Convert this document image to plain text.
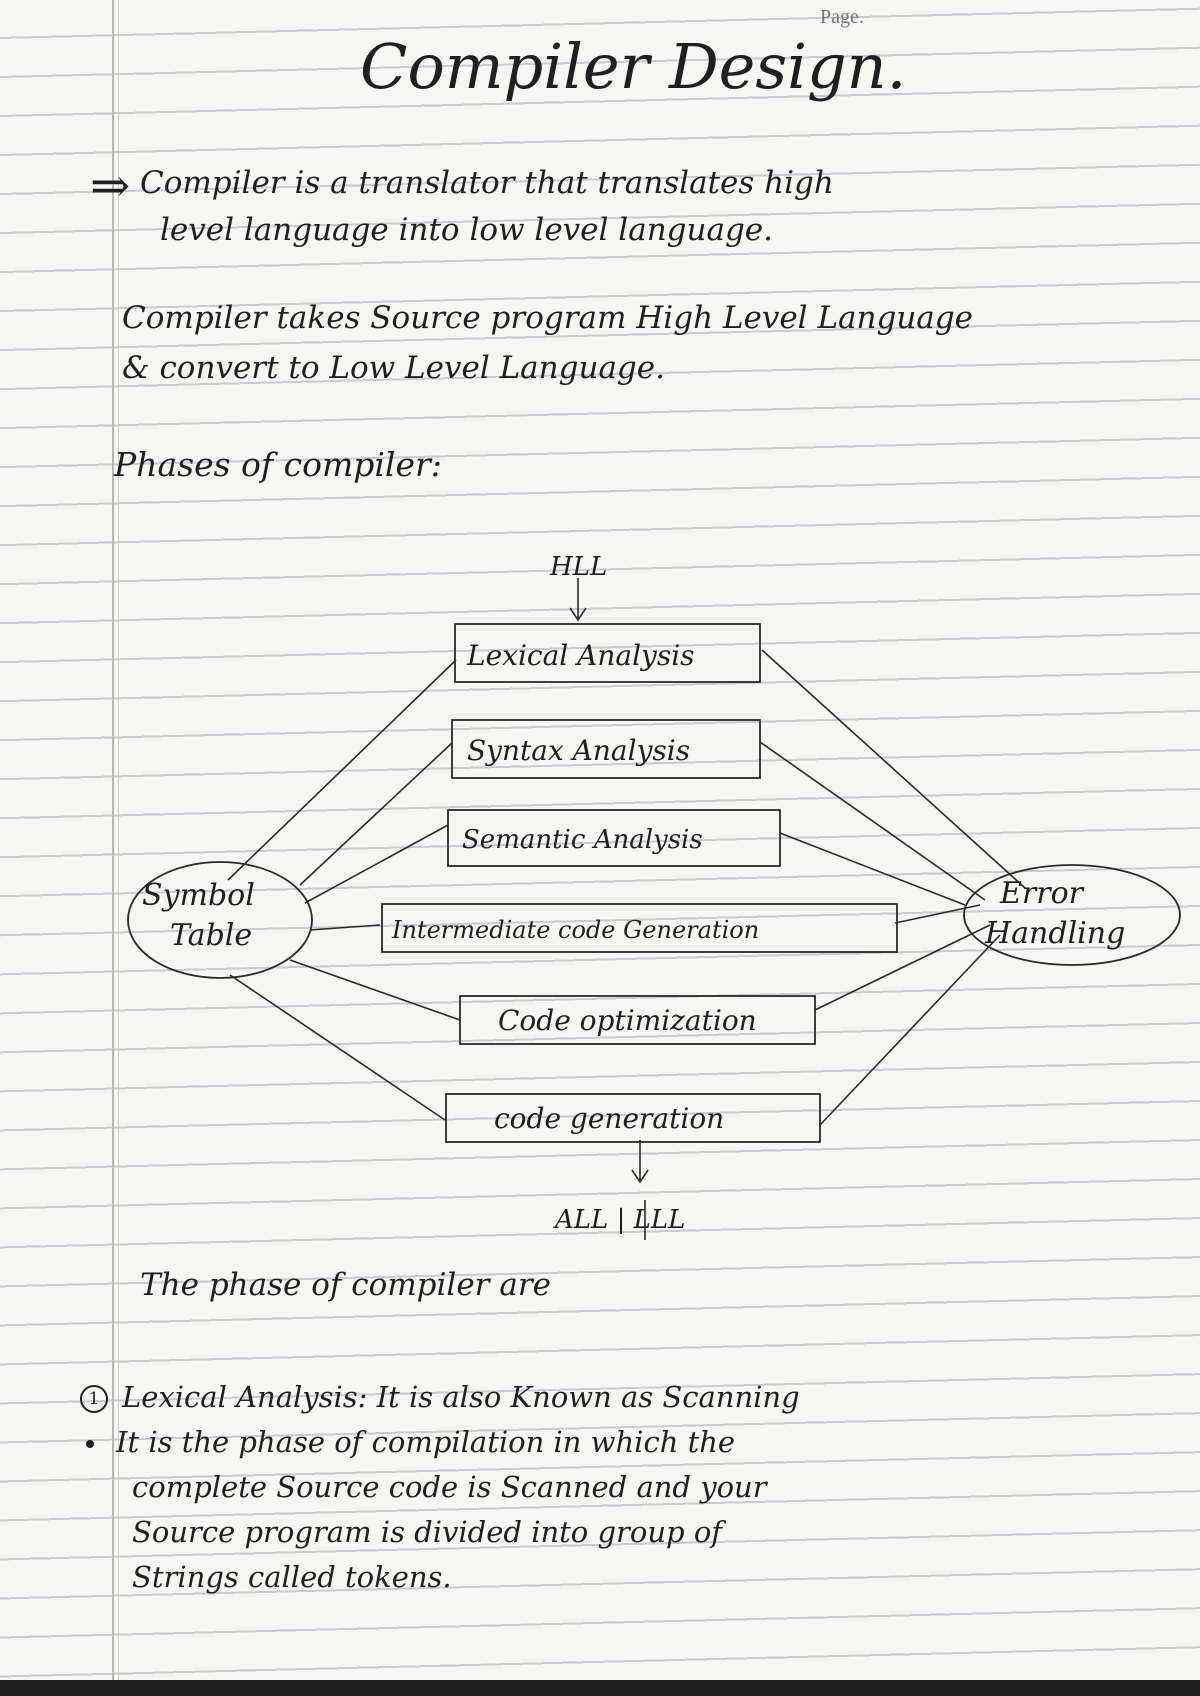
Page.
Compiler Design.
⇒ Compiler is a translator that translates high
level language into low level language.
Compiler takes Source program High Level Language
& convert to Low Level Language.
Phases of compiler:
HLL
Lexical Analysis
Syntax Analysis
Semantic Analysis
Intermediate code Generation
Code optimization
code generation
Symbol
Table
Error
Handling
ALL | LLL
The phase of compiler are
1 Lexical Analysis: It is also Known as Scanning
It is the phase of compilation in which the
complete Source code is Scanned and your
Source program is divided into group of
Strings called tokens.
